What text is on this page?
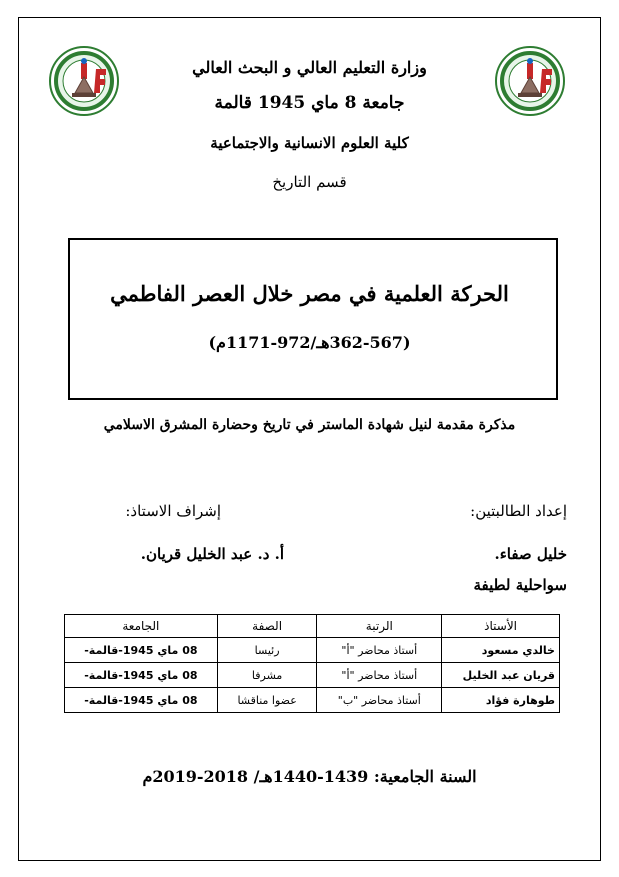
وزارة التعليم العالي و البحث العالي
جامعة 8 ماي 1945 قالمة
كلية العلوم الانسانية والاجتماعية
قسم التاريخ
الحركة العلمية في مصر خلال العصر الفاطمي
(362-567هـ/972-1171م)
مذكرة مقدمة لنيل شهادة الماستر في تاريخ وحضارة المشرق الاسلامي
إعداد الطالبتين:
إشراف الاستاذ:
خليل صفاء.
أ. د. عبد الخليل قريان.
سواحلية لطيفة
الأستاذ	الرتبة	الصفة	الجامعة
خالدي مسعود	أستاذ محاضر "أ"	رئيسا	08 ماي 1945-قالمة-
قريان عبد الخليل	أستاذ محاضر "أ"	مشرفا	08 ماي 1945-قالمة-
طوهارة فؤاد	أستاذ محاضر "ب"	عضوا مناقشا	08 ماي 1945-قالمة-
السنة الجامعية: 1439-1440هـ/ 2018-2019م
